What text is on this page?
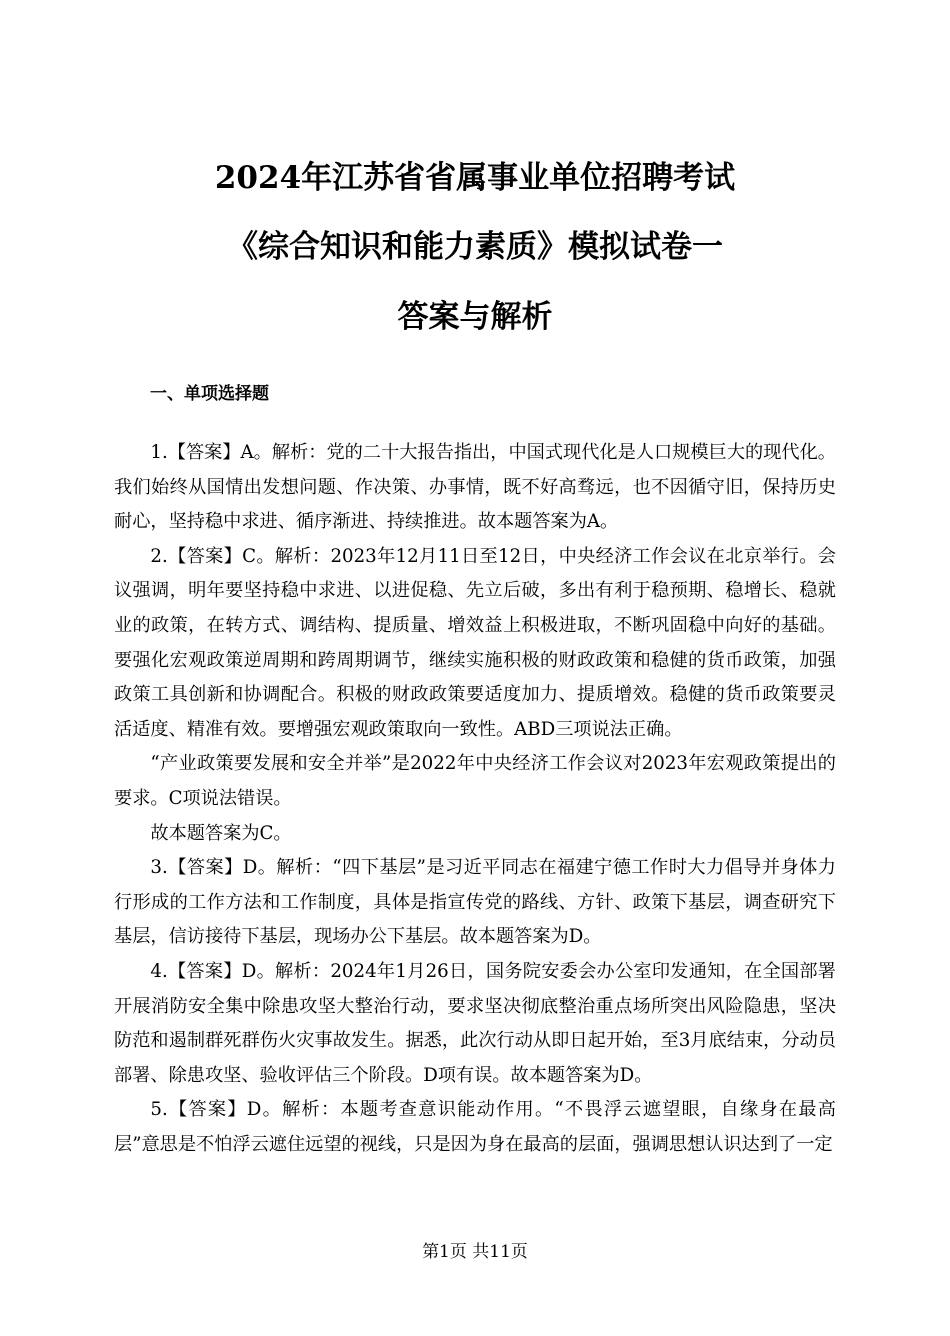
2024年江苏省省属事业单位招聘考试
《综合知识和能力素质》模拟试卷一
答案与解析
一、单项选择题

1.【答案】A。解析：党的二十大报告指出，中国式现代化是人口规模巨大的现代化。我们始终从国情出发想问题、作决策、办事情，既不好高骛远，也不因循守旧，保持历史耐心，坚持稳中求进、循序渐进、持续推进。故本题答案为A。

2.【答案】C。解析：2023年12月11日至12日，中央经济工作会议在北京举行。会议强调，明年要坚持稳中求进、以进促稳、先立后破，多出有利于稳预期、稳增长、稳就业的政策，在转方式、调结构、提质量、增效益上积极进取，不断巩固稳中向好的基础。要强化宏观政策逆周期和跨周期调节，继续实施积极的财政政策和稳健的货币政策，加强政策工具创新和协调配合。积极的财政政策要适度加力、提质增效。稳健的货币政策要灵活适度、精准有效。要增强宏观政策取向一致性。ABD三项说法正确。

“产业政策要发展和安全并举”是2022年中央经济工作会议对2023年宏观政策提出的要求。C项说法错误。

故本题答案为C。

3.【答案】D。解析：“四下基层”是习近平同志在福建宁德工作时大力倡导并身体力行形成的工作方法和工作制度，具体是指宣传党的路线、方针、政策下基层，调查研究下基层，信访接待下基层，现场办公下基层。故本题答案为D。

4.【答案】D。解析：2024年1月26日，国务院安委会办公室印发通知，在全国部署开展消防安全集中除患攻坚大整治行动，要求坚决彻底整治重点场所突出风险隐患，坚决防范和遏制群死群伤火灾事故发生。据悉，此次行动从即日起开始，至3月底结束，分动员部署、除患攻坚、验收评估三个阶段。D项有误。故本题答案为D。

5.【答案】D。解析：本题考查意识能动作用。“不畏浮云遮望眼，自缘身在最高层”意思是不怕浮云遮住远望的视线，只是因为身在最高的层面，强调思想认识达到了一定

第1页 共11页
